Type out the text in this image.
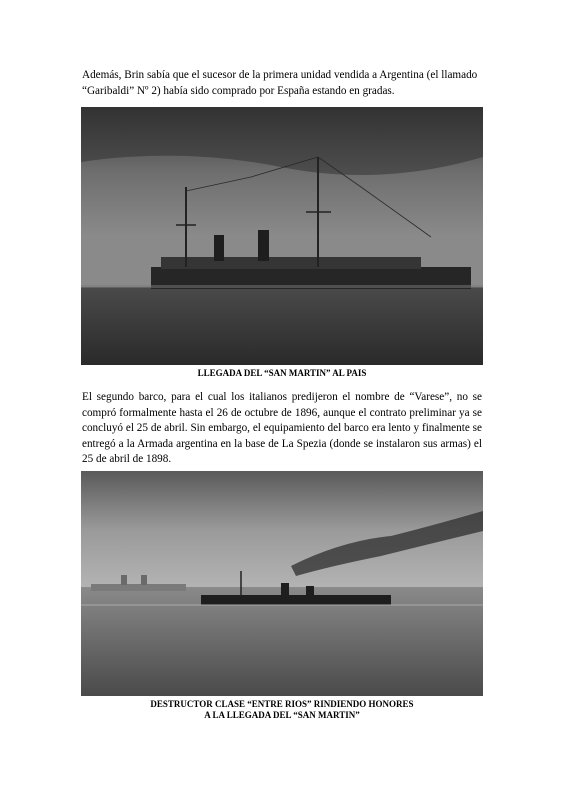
Además, Brin sabía que el sucesor de la primera unidad vendida a Argentina (el llamado “Garibaldi” Nº 2) había sido comprado por España estando en gradas.

LLEGADA DEL “SAN MARTIN” AL PAIS

El segundo barco, para el cual los italianos predijeron el nombre de “Varese”, no se compró formalmente hasta el 26 de octubre de 1896, aunque el contrato preliminar ya se concluyó el 25 de abril. Sin embargo, el equipamiento del barco era lento y finalmente se entregó a la Armada argentina en la base de La Spezia (donde se instalaron sus armas) el 25 de abril de 1898.

DESTRUCTOR CLASE “ENTRE RIOS” RINDIENDO HONORES

A LA LLEGADA DEL “SAN MARTIN”
